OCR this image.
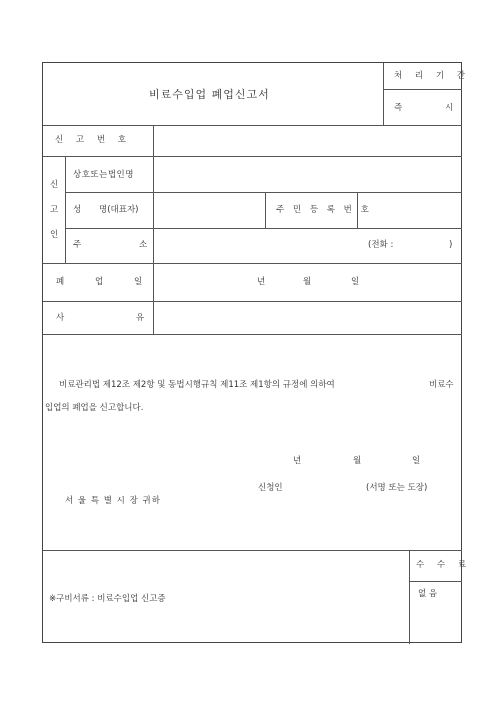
비료수입업 폐업신고서
처 리 기 간
즉	시
신 고 번 호
신
고
인
상호또는법인명
성 명(대표자)	주 민 등 록 번 호
주	소	(전화 :	)
폐	업	일	년	월	일
사	유
비료관리법 제12조 제2항 및 동법시행규칙 제11조 제1항의 규정에 의하여	비료수
입업의 폐업을 신고합니다.
년	월	일
신청인	(서명 또는 도장)
서 울 특 별 시 장 귀하
※구비서류 : 비료수입업 신고증
수 수 료
없 음
